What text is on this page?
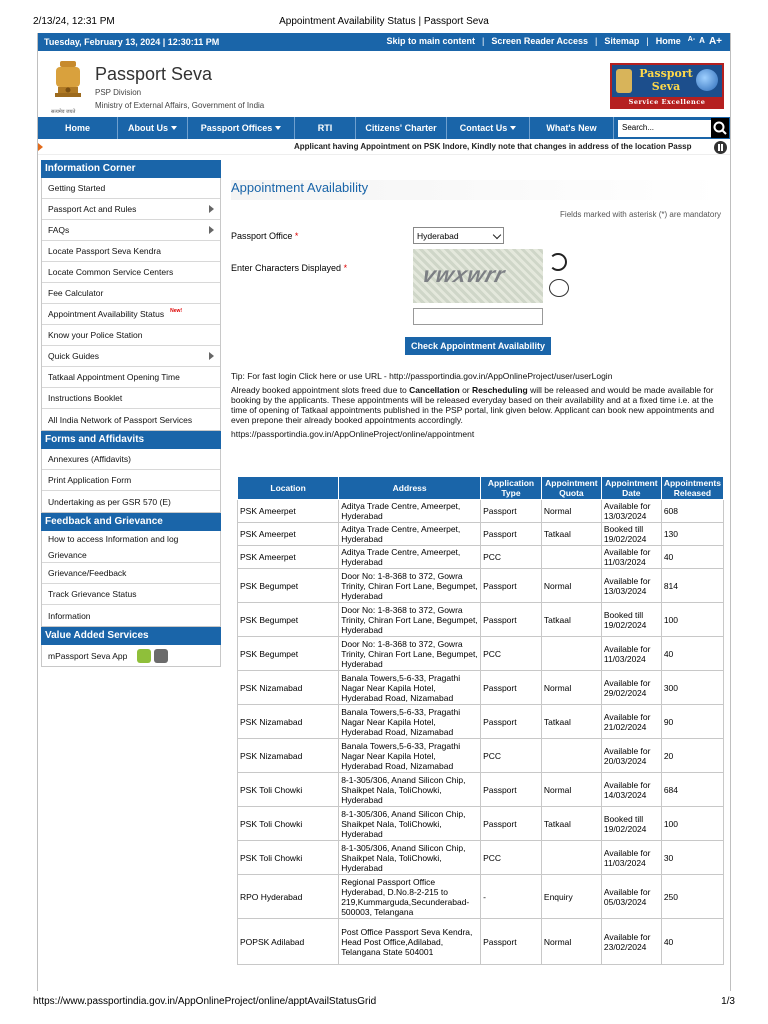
2/13/24, 12:31 PM	Appointment Availability Status | Passport Seva
Tuesday, February 13, 2024 | 12:30:11 PM	Skip to main content | Screen Reader Access | Sitemap | Home	A- A A+
सत्यमेव जयते
Passport Seva
PSP Division
Ministry of External Affairs, Government of India
Passport
Seva
Service Excellence
Home	About Us	Passport Offices	RTI	Citizens' Charter	Contact Us	What's New	Search...
Applicant having Appointment on PSK Indore, Kindly note that changes in address of the location Passp
Information Corner
Getting Started
Passport Act and Rules
FAQs
Locate Passport Seva Kendra
Locate Common Service Centers
Fee Calculator
Appointment Availability Status New!
Know your Police Station
Quick Guides
Tatkaal Appointment Opening Time
Instructions Booklet
All India Network of Passport Services
Forms and Affidavits
Annexures (Affidavits)
Print Application Form
Undertaking as per GSR 570 (E)
Feedback and Grievance
How to access Information and log Grievance
Grievance/Feedback
Track Grievance Status
Information
Value Added Services
mPassport Seva App
Appointment Availability
Fields marked with asterisk (*) are mandatory
Passport Office *	Hyderabad
Enter Characters Displayed *	vwxwrr
Check Appointment Availability
Tip: For fast login Click here or use URL - http://passportindia.gov.in/AppOnlineProject/user/userLogin
Already booked appointment slots freed due to Cancellation or Rescheduling will be released and would be made available for booking by the applicants. These appointments will be released everyday based on their availability and at a fixed time i.e. at the time of opening of Tatkaal appointments published in the PSP portal, link given below. Applicant can book new appointments and even prepone their already booked appointments accordingly.
https://passportindia.gov.in/AppOnlineProject/online/appointment
Location	Address	Application Type	Appointment Quota	Appointment Date	Appointments Released
PSK Ameerpet	Aditya Trade Centre, Ameerpet, Hyderabad	Passport	Normal	Available for 13/03/2024	608
PSK Ameerpet	Aditya Trade Centre, Ameerpet, Hyderabad	Passport	Tatkaal	Booked till 19/02/2024	130
PSK Ameerpet	Aditya Trade Centre, Ameerpet, Hyderabad	PCC		Available for 11/03/2024	40
PSK Begumpet	Door No: 1-8-368 to 372, Gowra Trinity, Chiran Fort Lane, Begumpet, Hyderabad	Passport	Normal	Available for 13/03/2024	814
PSK Begumpet	Door No: 1-8-368 to 372, Gowra Trinity, Chiran Fort Lane, Begumpet, Hyderabad	Passport	Tatkaal	Booked till 19/02/2024	100
PSK Begumpet	Door No: 1-8-368 to 372, Gowra Trinity, Chiran Fort Lane, Begumpet, Hyderabad	PCC		Available for 11/03/2024	40
PSK Nizamabad	Banala Towers,5-6-33, Pragathi Nagar Near Kapila Hotel, Hyderabad Road, Nizamabad	Passport	Normal	Available for 29/02/2024	300
PSK Nizamabad	Banala Towers,5-6-33, Pragathi Nagar Near Kapila Hotel, Hyderabad Road, Nizamabad	Passport	Tatkaal	Available for 21/02/2024	90
PSK Nizamabad	Banala Towers,5-6-33, Pragathi Nagar Near Kapila Hotel, Hyderabad Road, Nizamabad	PCC		Available for 20/03/2024	20
PSK Toli Chowki	8-1-305/306, Anand Silicon Chip, Shaikpet Nala, ToliChowki, Hyderabad	Passport	Normal	Available for 14/03/2024	684
PSK Toli Chowki	8-1-305/306, Anand Silicon Chip, Shaikpet Nala, ToliChowki, Hyderabad	Passport	Tatkaal	Booked till 19/02/2024	100
PSK Toli Chowki	8-1-305/306, Anand Silicon Chip, Shaikpet Nala, ToliChowki, Hyderabad	PCC		Available for 11/03/2024	30
RPO Hyderabad	Regional Passport Office Hyderabad, D.No.8-2-215 to 219,Kummarguda,Secunderabad-500003, Telangana	-	Enquiry	Available for 05/03/2024	250
POPSK Adilabad	Post Office Passport Seva Kendra, Head Post Office,Adilabad, Telangana State 504001	Passport	Normal	Available for 23/02/2024	40
https://www.passportindia.gov.in/AppOnlineProject/online/apptAvailStatusGrid	1/3
